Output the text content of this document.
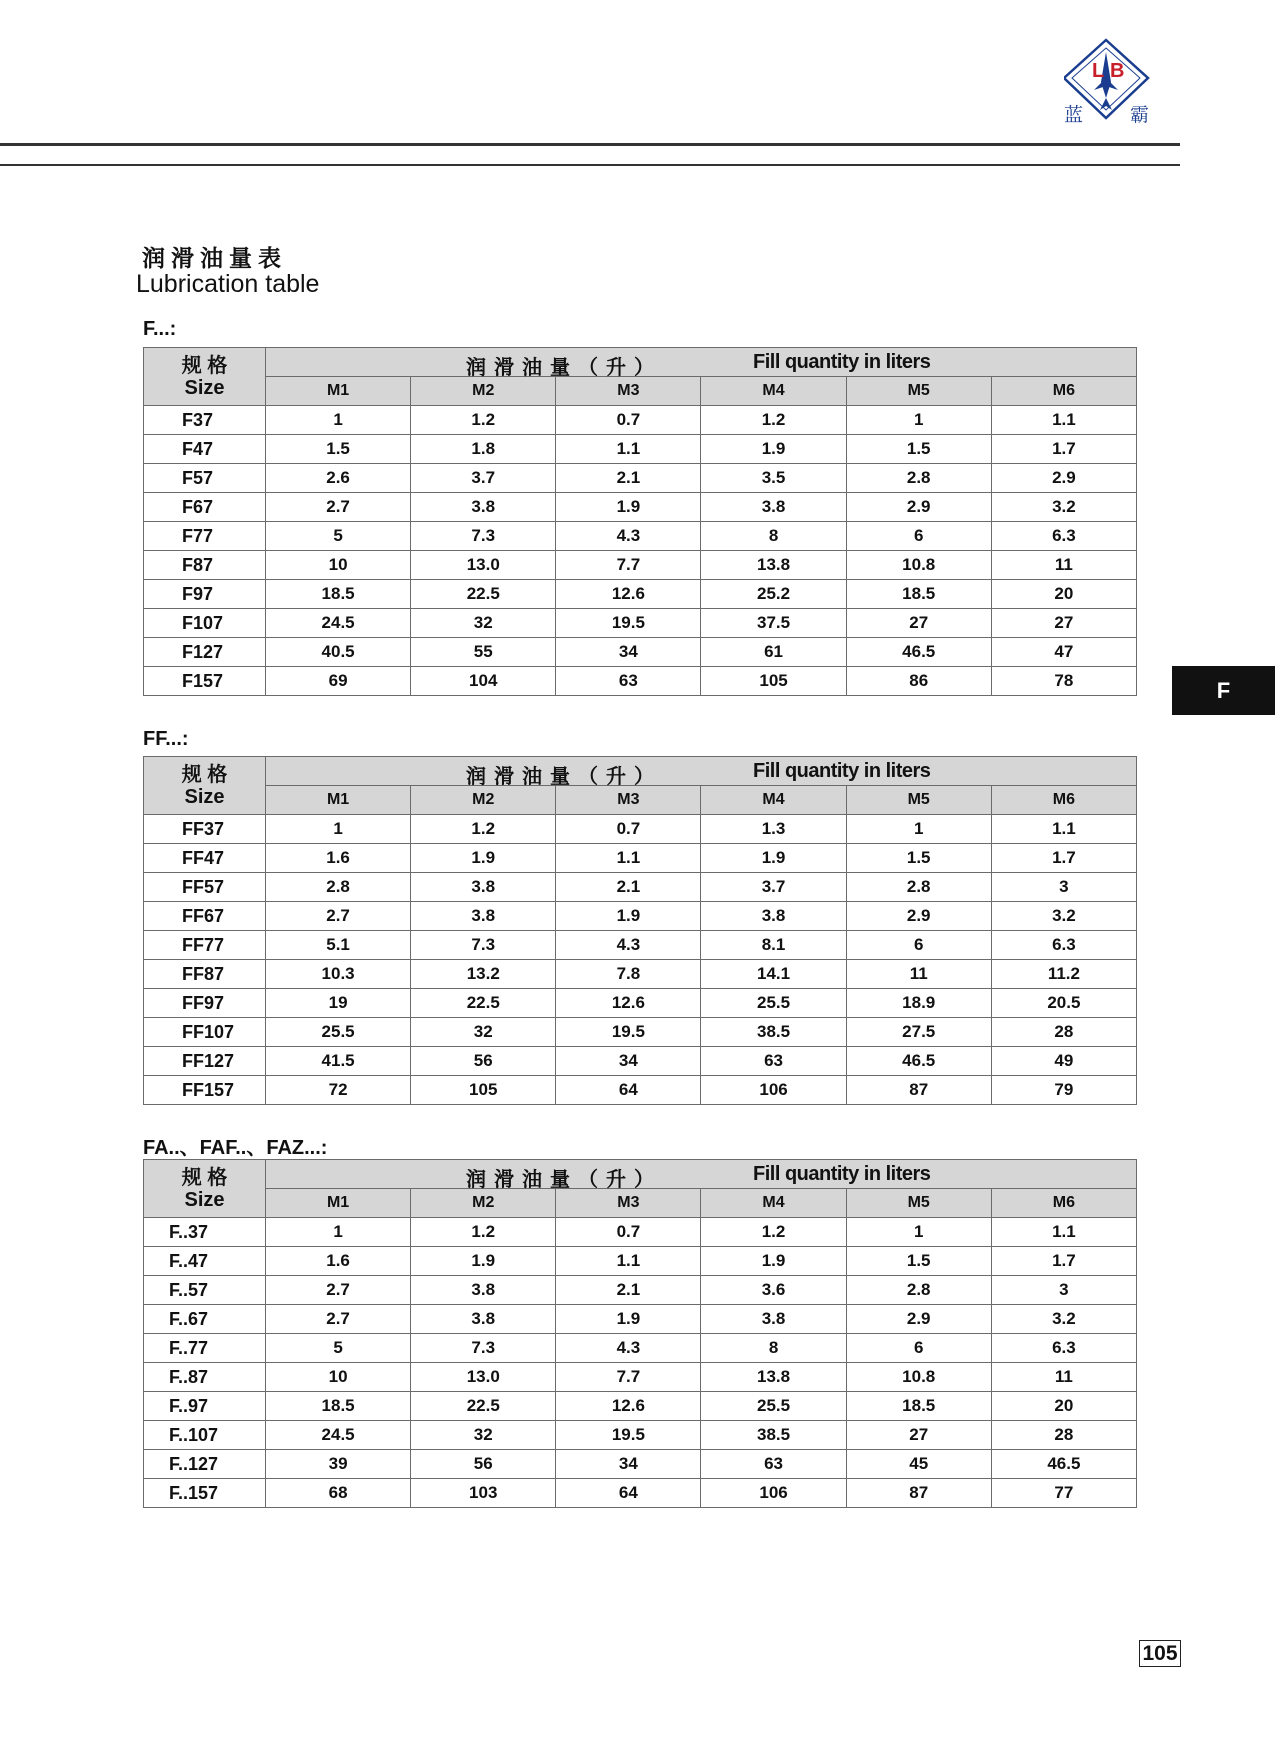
L B
蓝 霸
润滑油量表
Lubrication table
F...:
FF...:
FA..、FAF..、FAZ...:
规 格
Size	润滑油量（升） Fill quantity in liters					

	M1	M2	M3	M4	M5	M6
F37	1	1.2	0.7	1.2	1	1.1
F47	1.5	1.8	1.1	1.9	1.5	1.7
F57	2.6	3.7	2.1	3.5	2.8	2.9
F67	2.7	3.8	1.9	3.8	2.9	3.2
F77	5	7.3	4.3	8	6	6.3
F87	10	13.0	7.7	13.8	10.8	11
F97	18.5	22.5	12.6	25.2	18.5	20
F107	24.5	32	19.5	37.5	27	27
F127	40.5	55	34	61	46.5	47
F157	69	104	63	105	86	78
规 格
Size	润滑油量（升） Fill quantity in liters					

	M1	M2	M3	M4	M5	M6
FF37	1	1.2	0.7	1.3	1	1.1
FF47	1.6	1.9	1.1	1.9	1.5	1.7
FF57	2.8	3.8	2.1	3.7	2.8	3
FF67	2.7	3.8	1.9	3.8	2.9	3.2
FF77	5.1	7.3	4.3	8.1	6	6.3
FF87	10.3	13.2	7.8	14.1	11	11.2
FF97	19	22.5	12.6	25.5	18.9	20.5
FF107	25.5	32	19.5	38.5	27.5	28
FF127	41.5	56	34	63	46.5	49
FF157	72	105	64	106	87	79
规 格
Size	润滑油量（升） Fill quantity in liters					

	M1	M2	M3	M4	M5	M6
F..37	1	1.2	0.7	1.2	1	1.1
F..47	1.6	1.9	1.1	1.9	1.5	1.7
F..57	2.7	3.8	2.1	3.6	2.8	3
F..67	2.7	3.8	1.9	3.8	2.9	3.2
F..77	5	7.3	4.3	8	6	6.3
F..87	10	13.0	7.7	13.8	10.8	11
F..97	18.5	22.5	12.6	25.5	18.5	20
F..107	24.5	32	19.5	38.5	27	28
F..127	39	56	34	63	45	46.5
F..157	68	103	64	106	87	77
F
105
